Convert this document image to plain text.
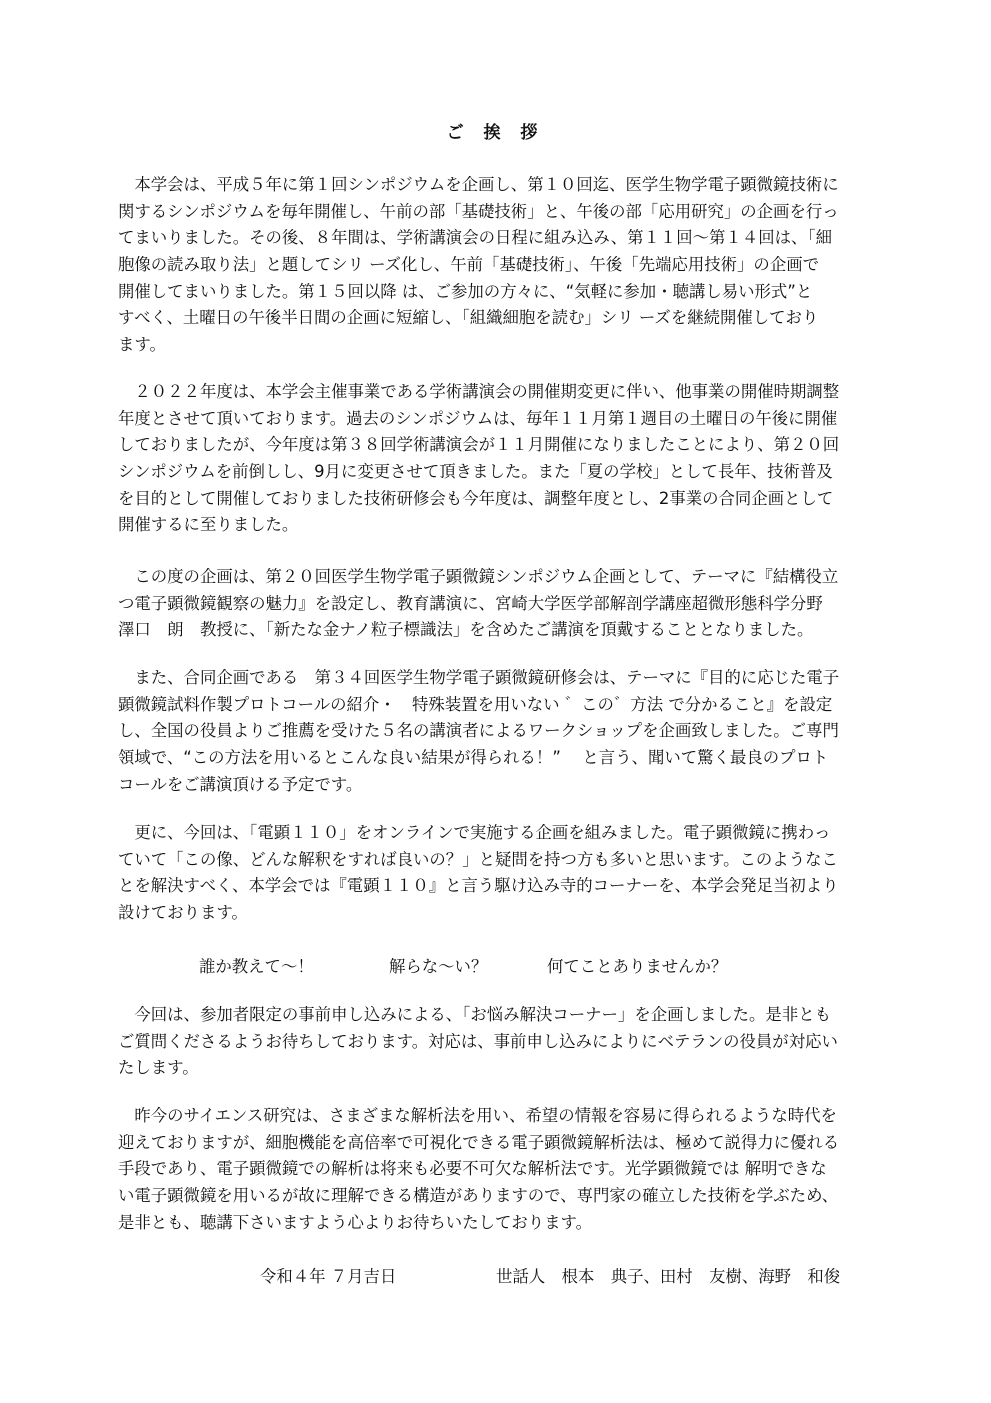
ご 挨 拶
　本学会は、平成５年に第１回シンポジウムを企画し、第１０回迄、医学生物学電子顕微鏡技術に
関するシンポジウムを毎年開催し、午前の部「基礎技術」と、午後の部「応用研究」の企画を行っ
てまいりました。その後、８年間は、学術講演会の日程に組み込み、第１１回～第１４回は、「細
胞像の読み取り法」と題してシリ ーズ化し、午前「基礎技術」、午後「先端応用技術」の企画で
開催してまいりました。第１５回以降 は、ご参加の方々に、“気軽に参加・聴講し易い形式”と
すべく、土曜日の午後半日間の企画に短縮し、「組織細胞を読む」シリ ーズを継続開催しており
ます。
　２０２２年度は、本学会主催事業である学術講演会の開催期変更に伴い、他事業の開催時期調整
年度とさせて頂いております。過去のシンポジウムは、毎年１１月第１週目の土曜日の午後に開催
しておりましたが、今年度は第３８回学術講演会が１１月開催になりましたことにより、第２０回
シンポジウムを前倒しし、9月に変更させて頂きました。また「夏の学校」として長年、技術普及
を目的として開催しておりました技術研修会も今年度は、調整年度とし、2事業の合同企画として
開催するに至りました。
　この度の企画は、第２０回医学生物学電子顕微鏡シンポジウム企画として、テーマに『結構役立
つ電子顕微鏡観察の魅力』を設定し、教育講演に、宮崎大学医学部解剖学講座超微形態科学分野
澤口　朗　教授に、「新たな金ナノ粒子標識法」を含めたご講演を頂戴することとなりました。
　また、合同企画である　第３４回医学生物学電子顕微鏡研修会は、テーマに『目的に応じた電子
顕微鏡試料作製プロトコールの紹介・　特殊装置を用いない ゛この゛方法 で分かること』を設定
し、全国の役員よりご推薦を受けた５名の講演者によるワークショップを企画致しました。ご専門
領域で、“この方法を用いるとこんな良い結果が得られる！”　 と言う、聞いて驚く最良のプロト
コールをご講演頂ける予定です。
　更に、今回は、「電顕１１０」をオンラインで実施する企画を組みました。電子顕微鏡に携わっ
ていて「この像、どんな解釈をすれば良いの？」と疑問を持つ方も多いと思います。このようなこ
とを解決すべく、本学会では『電顕１１０』と言う駆け込み寺的コーナーを、本学会発足当初より
設けております。
誰か教えて～！	解らな～い？	何てことありませんか？
　今回は、参加者限定の事前申し込みによる、「お悩み解決コーナー」を企画しました。是非とも
ご質問くださるようお待ちしております。対応は、事前申し込みによりにベテランの役員が対応い
たします。
　昨今のサイエンス研究は、さまざまな解析法を用い、希望の情報を容易に得られるような時代を
迎えておりますが、細胞機能を高倍率で可視化できる電子顕微鏡解析法は、極めて説得力に優れる
手段であり、電子顕微鏡での解析は将来も必要不可欠な解析法です。光学顕微鏡では 解明できな
い電子顕微鏡を用いるが故に理解できる構造がありますので、専門家の確立した技術を学ぶため、
是非とも、聴講下さいますよう心よりお待ちいたしております。
令和４年 ７月吉日	世話人　根本　典子、田村　友樹、海野　和俊
